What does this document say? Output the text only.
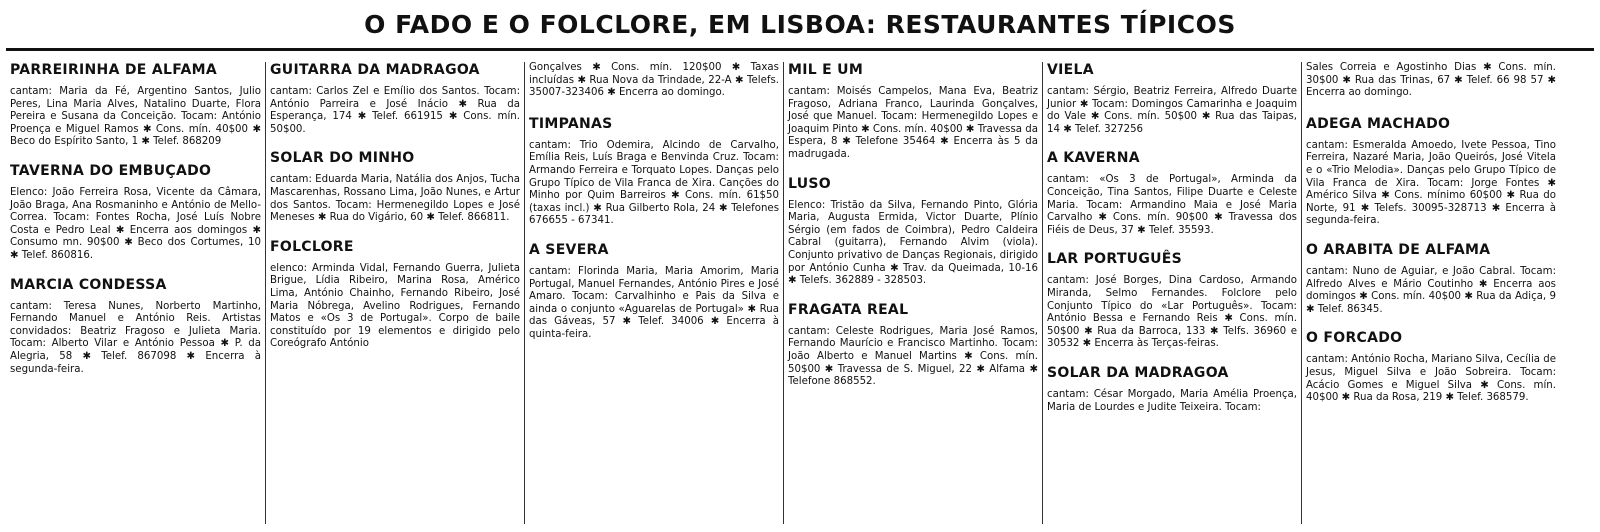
O FADO E O FOLCLORE, EM LISBOA: RESTAURANTES TÍPICOS
PARREIRINHA DE ALFAMA
cantam: Maria da Fé, Argentino Santos, Julio Peres, Lina Maria Alves, Natalino Duarte, Flora Pereira e Susana da Conceição. Tocam: António Proença e Miguel Ramos ✱ Cons. mín. 40$00 ✱ Beco do Espírito Santo, 1 ✱ Telef. 868209
TAVERNA DO EMBUÇADO
Elenco: João Ferreira Rosa, Vicente da Câmara, João Braga, Ana Rosmaninho e António de Mello-Correa. Tocam: Fontes Rocha, José Luís Nobre Costa e Pedro Leal ✱ Encerra aos domingos ✱ Consumo mn. 90$00 ✱ Beco dos Cortumes, 10 ✱ Telef. 860816.
MARCIA CONDESSA
cantam: Teresa Nunes, Norberto Martinho, Fernando Manuel e António Reis. Artistas convidados: Beatriz Fragoso e Julieta Maria. Tocam: Alberto Vilar e António Pessoa ✱ P. da Alegria, 58 ✱ Telef. 867098 ✱ Encerra à segunda-feira.
GUITARRA DA MADRAGOA
cantam: Carlos Zel e Emílio dos Santos. Tocam: António Parreira e José Inácio ✱ Rua da Esperança, 174 ✱ Telef. 661915 ✱ Cons. mín. 50$00.
SOLAR DO MINHO
cantam: Eduarda Maria, Natália dos Anjos, Tucha Mascarenhas, Rossano Lima, João Nunes, e Artur dos Santos. Tocam: Hermenegildo Lopes e José Meneses ✱ Rua do Vigário, 60 ✱ Telef. 866811.
FOLCLORE
elenco: Arminda Vidal, Fernando Guerra, Julieta Brigue, Lídia Ribeiro, Marina Rosa, Américo Lima, António Chainho, Fernando Ribeiro, José Maria Nóbrega, Avelino Rodrigues, Fernando Matos e «Os 3 de Portugal». Corpo de baile constituído por 19 elementos e dirigido pelo Coreógrafo António
Gonçalves ✱ Cons. mín. 120$00 ✱ Taxas incluídas ✱ Rua Nova da Trindade, 22-A ✱ Telefs. 35007-323406 ✱ Encerra ao domingo.
TIMPANAS
cantam: Trio Odemira, Alcindo de Carvalho, Emília Reis, Luís Braga e Benvinda Cruz. Tocam: Armando Ferreira e Torquato Lopes. Danças pelo Grupo Típico de Vila Franca de Xira. Canções do Minho por Quim Barreiros ✱ Cons. mín. 61$50 (taxas incl.) ✱ Rua Gilberto Rola, 24 ✱ Telefones 676655 - 67341.
A SEVERA
cantam: Florinda Maria, Maria Amorim, Maria Portugal, Manuel Fernandes, António Pires e José Amaro. Tocam: Carvalhinho e Pais da Silva e ainda o conjunto «Aguarelas de Portugal» ✱ Rua das Gáveas, 57 ✱ Telef. 34006 ✱ Encerra à quinta-feira.
MIL E UM
cantam: Moisés Campelos, Mana Eva, Beatriz Fragoso, Adriana Franco, Laurinda Gonçalves, José que Manuel. Tocam: Hermenegildo Lopes e Joaquim Pinto ✱ Cons. mín. 40$00 ✱ Travessa da Espera, 8 ✱ Telefone 35464 ✱ Encerra às 5 da madrugada.
LUSO
Elenco: Tristão da Silva, Fernando Pinto, Glória Maria, Augusta Ermida, Victor Duarte, Plínio Sérgio (em fados de Coimbra), Pedro Caldeira Cabral (guitarra), Fernando Alvim (viola). Conjunto privativo de Danças Regionais, dirigido por António Cunha ✱ Trav. da Queimada, 10-16 ✱ Telefs. 362889 - 328503.
FRAGATA REAL
cantam: Celeste Rodrigues, Maria José Ramos, Fernando Maurício e Francisco Martinho. Tocam: João Alberto e Manuel Martins ✱ Cons. mín. 50$00 ✱ Travessa de S. Miguel, 22 ✱ Alfama ✱ Telefone 868552.
VIELA
cantam: Sérgio, Beatriz Ferreira, Alfredo Duarte Junior ✱ Tocam: Domingos Camarinha e Joaquim do Vale ✱ Cons. mín. 50$00 ✱ Rua das Taipas, 14 ✱ Telef. 327256
A KAVERNA
cantam: «Os 3 de Portugal», Arminda da Conceição, Tina Santos, Filipe Duarte e Celeste Maria. Tocam: Armandino Maia e José Maria Carvalho ✱ Cons. mín. 90$00 ✱ Travessa dos Fiéis de Deus, 37 ✱ Telef. 35593.
LAR PORTUGUÊS
cantam: José Borges, Dina Cardoso, Armando Miranda, Selmo Fernandes. Folclore pelo Conjunto Típico do «Lar Português». Tocam: António Bessa e Fernando Reis ✱ Cons. mín. 50$00 ✱ Rua da Barroca, 133 ✱ Telfs. 36960 e 30532 ✱ Encerra às Terças-feiras.
SOLAR DA MADRAGOA
cantam: César Morgado, Maria Amélia Proença, Maria de Lourdes e Judite Teixeira. Tocam:
Sales Correia e Agostinho Dias ✱ Cons. mín. 30$00 ✱ Rua das Trinas, 67 ✱ Telef. 66 98 57 ✱ Encerra ao domingo.
ADEGA MACHADO
cantam: Esmeralda Amoedo, Ivete Pessoa, Tino Ferreira, Nazaré Maria, João Queirós, José Vitela e o «Trio Melodia». Danças pelo Grupo Típico de Vila Franca de Xira. Tocam: Jorge Fontes ✱ Américo Silva ✱ Cons. mínimo 60$00 ✱ Rua do Norte, 91 ✱ Telefs. 30095-328713 ✱ Encerra à segunda-feira.
O ARABITA DE ALFAMA
cantam: Nuno de Aguiar, e João Cabral. Tocam: Alfredo Alves e Mário Coutinho ✱ Encerra aos domingos ✱ Cons. mín. 40$00 ✱ Rua da Adiça, 9 ✱ Telef. 86345.
O FORCADO
cantam: António Rocha, Mariano Silva, Cecília de Jesus, Miguel Silva e João Sobreira. Tocam: Acácio Gomes e Miguel Silva ✱ Cons. mín. 40$00 ✱ Rua da Rosa, 219 ✱ Telef. 368579.
